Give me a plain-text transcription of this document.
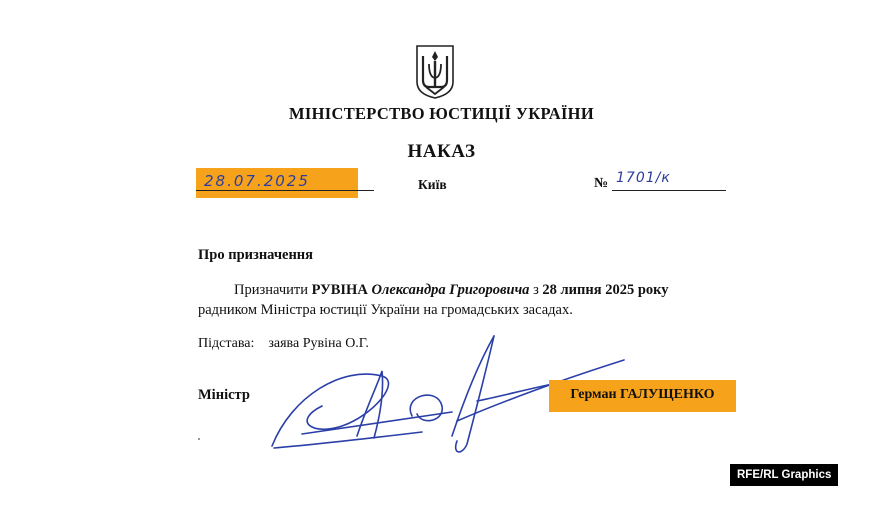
МІНІСТЕРСТВО ЮСТИЦІЇ УКРАЇНИ
НАКАЗ
28.07.2025	Київ	№ 1701/к
Про призначення
Призначити РУВІНА Олександра Григоровича з 28 липня 2025 року
радником Міністра юстиції України на громадських засадах.
Підстава: заява Рувіна О.Г.
Міністр	Герман ГАЛУЩЕНКО
RFE/RL Graphics
